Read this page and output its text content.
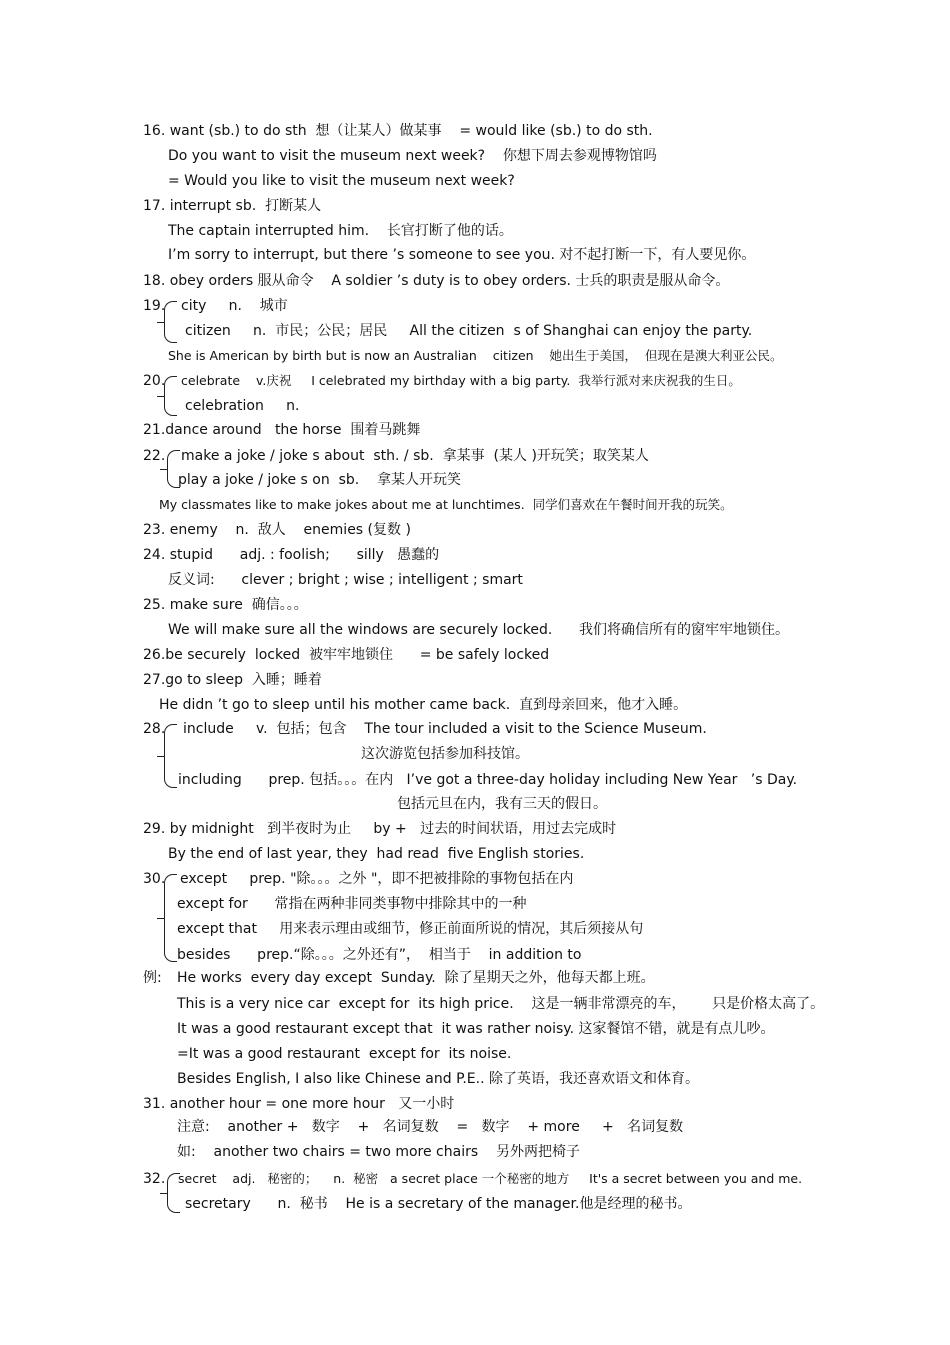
16. want (sb.) to do sth  想（让某人）做某事    = would like (sb.) to do sth.
Do you want to visit the museum next week?    你想下周去参观博物馆吗
= Would you like to visit the museum next week?
17. interrupt sb.  打断某人
The captain interrupted him.    长官打断了他的话。
I’m sorry to interrupt, but there ’s someone to see you. 对不起打断一下，有人要见你。
18. obey orders 服从命令    A soldier ’s duty is to obey orders. 士兵的职责是服从命令。
19. city     n.    城市
citizen     n.  市民；公民；居民     All the citizen  s of Shanghai can enjoy the party.
She is American by birth but is now an Australian    citizen    她出生于美国，  但现在是澳大利亚公民。
20. celebrate    v.庆祝     I celebrated my birthday with a big party.  我举行派对来庆祝我的生日。
celebration     n.
21.dance around   the horse  围着马跳舞
22. make a joke / joke s about  sth. / sb.  拿某事  (某人 )开玩笑；取笑某人
play a joke / joke s on  sb.    拿某人开玩笑
My classmates like to make jokes about me at lunchtimes.  同学们喜欢在午餐时间开我的玩笑。
23. enemy    n.  敌人    enemies (复数 )
24. stupid      adj. : foolish;      silly   愚蠢的
反义词:      clever ; bright ; wise ; intelligent ; smart
25. make sure  确信。。。
We will make sure all the windows are securely locked.      我们将确信所有的窗牢牢地锁住。
26.be securely  locked  被牢牢地锁住      = be safely locked
27.go to sleep  入睡；睡着
He didn ’t go to sleep until his mother came back.  直到母亲回来，他才入睡。
28. include     v.  包括；包含    The tour included a visit to the Science Museum.
这次游览包括参加科技馆。
including      prep. 包括。。。在内   I’ve got a three-day holiday including New Year   ’s Day.
包括元旦在内，我有三天的假日。
29. by midnight   到半夜时为止     by +   过去的时间状语，用过去完成时
By the end of last year, they  had read  five English stories.
30. except     prep. "除。。。之外 "，即不把被排除的事物包括在内
except for      常指在两种非同类事物中排除其中的一种
except that     用来表示理由或细节，修正前面所说的情况，其后须接从句
besides      prep.“除。。。之外还有”，  相当于    in addition to
例: He works  every day except  Sunday.  除了星期天之外，他每天都上班。
This is a very nice car  except for  its high price.    这是一辆非常漂亮的车，      只是价格太高了。
It was a good restaurant except that  it was rather noisy. 这家餐馆不错，就是有点儿吵。
=It was a good restaurant  except for  its noise.
Besides English, I also like Chinese and P.E.. 除了英语，我还喜欢语文和体育。
31. another hour = one more hour   又一小时
注意:    another +   数字    +   名词复数    =   数字    + more     +   名词复数
如:    another two chairs = two more chairs    另外两把椅子
32. secret    adj.   秘密的；    n.  秘密   a secret place 一个秘密的地方     It's a secret between you and me.
secretary      n.  秘书    He is a secretary of the manager.他是经理的秘书。
